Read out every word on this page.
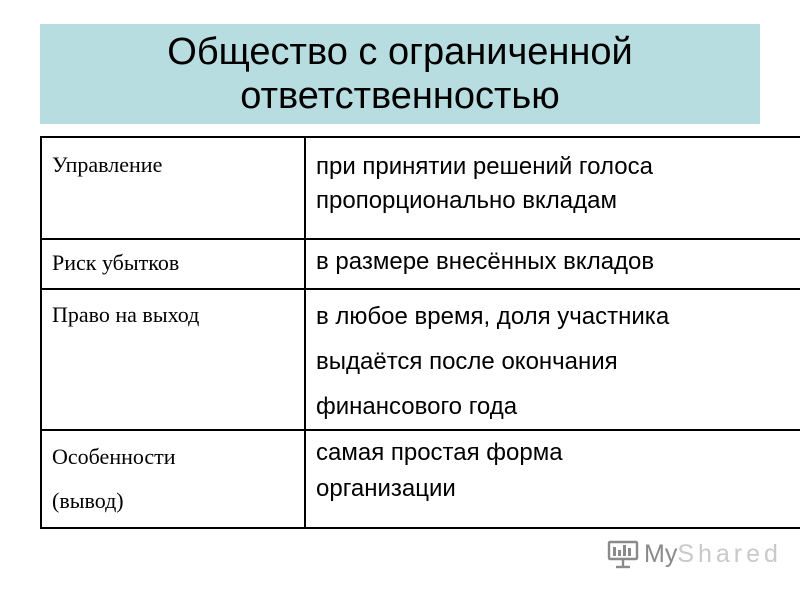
Общество с ограниченной
ответственностью
Управление	при принятии решений голоса
пропорционально вкладам

Риск убытков	в размере внесённых вкладов

Право на выход	в любое время, доля участника
выдаётся после окончания
финансового года

Особенности
(вывод)	самая простая форма
организации
MyShared
